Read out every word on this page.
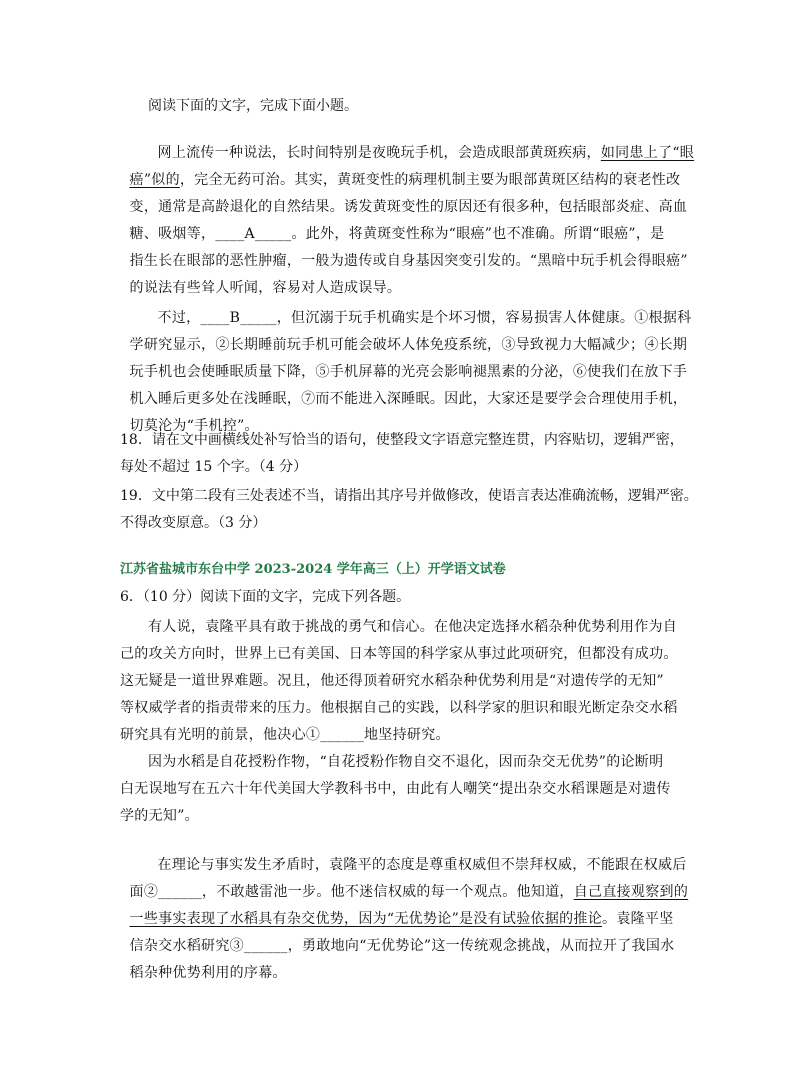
阅读下面的文字，完成下面小题。

网上流传一种说法，长时间特别是夜晚玩手机，会造成眼部黄斑疾病，如同患上了“眼

癌”似的，完全无药可治。其实，黄斑变性的病理机制主要为眼部黄斑区结构的衰老性改

变，通常是高龄退化的自然结果。诱发黄斑变性的原因还有很多种，包括眼部炎症、高血

糖、吸烟等，____A_____。此外，将黄斑变性称为“眼癌”也不准确。所谓“眼癌”，是

指生长在眼部的恶性肿瘤，一般为遗传或自身基因突变引发的。“黑暗中玩手机会得眼癌”

的说法有些耸人听闻，容易对人造成误导。

不过，____B_____，但沉溺于玩手机确实是个坏习惯，容易损害人体健康。①根据科

学研究显示，②长期睡前玩手机可能会破坏人体免疫系统，③导致视力大幅减少；④长期

玩手机也会使睡眠质量下降，⑤手机屏幕的光亮会影响褪黑素的分泌，⑥使我们在放下手

机入睡后更多处在浅睡眠，⑦而不能进入深睡眠。因此，大家还是要学会合理使用手机，

切莫沦为“手机控”。

18．请在文中画横线处补写恰当的语句，使整段文字语意完整连贯，内容贴切，逻辑严密，
每处不超过 15 个字。（4 分）
19．文中第二段有三处表述不当，请指出其序号并做修改，使语言表达准确流畅，逻辑严密。
不得改变原意。（3 分）
江苏省盐城市东台中学 2023-2024 学年高三（上）开学语文试卷
6．（10 分）阅读下面的文字，完成下列各题。
有人说，袁隆平具有敢于挑战的勇气和信心。在他决定选择水稻杂种优势利用作为自
己的攻关方向时，世界上已有美国、日本等国的科学家从事过此项研究，但都没有成功。
这无疑是一道世界难题。况且，他还得顶着研究水稻杂种优势利用是“对遗传学的无知”
等权威学者的指责带来的压力。他根据自己的实践，以科学家的胆识和眼光断定杂交水稻
研究具有光明的前景，他决心①______地坚持研究。
因为水稻是自花授粉作物，“自花授粉作物自交不退化，因而杂交无优势”的论断明
白无误地写在五六十年代美国大学教科书中，由此有人嘲笑“提出杂交水稻课题是对遗传
学的无知”。

在理论与事实发生矛盾时，袁隆平的态度是尊重权威但不崇拜权威，不能跟在权威后

面②______，不敢越雷池一步。他不迷信权威的每一个观点。他知道，自己直接观察到的

一些事实表现了水稻具有杂交优势，因为“无优势论”是没有试验依据的推论。袁隆平坚

信杂交水稻研究③______，勇敢地向“无优势论”这一传统观念挑战，从而拉开了我国水

稻杂种优势利用的序幕。
